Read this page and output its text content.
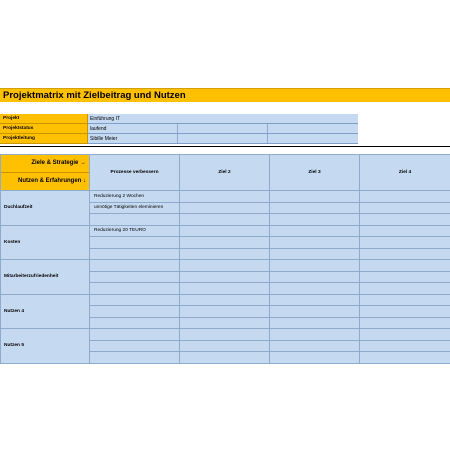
Projektmatrix mit Zielbeitrag und Nutzen
Projekt	Einführung IT
Projektstatus	laufend
Projektleitung	Sibille Meier
Ziele & Strategie →
Nutzen & Erfahrungen ↓	Prozesse verbessern	Ziel 2	Ziel 3	Ziel 4
Duchlaufzeit	Reduzierung 2 Wochen			
	unnötige Tätigkeiten eleminieren			

Kosten	Reduzierung 20 TEURO			

Mitarbeiterzufriedenheit				

Nutzen 4				

Nutzen 5				
